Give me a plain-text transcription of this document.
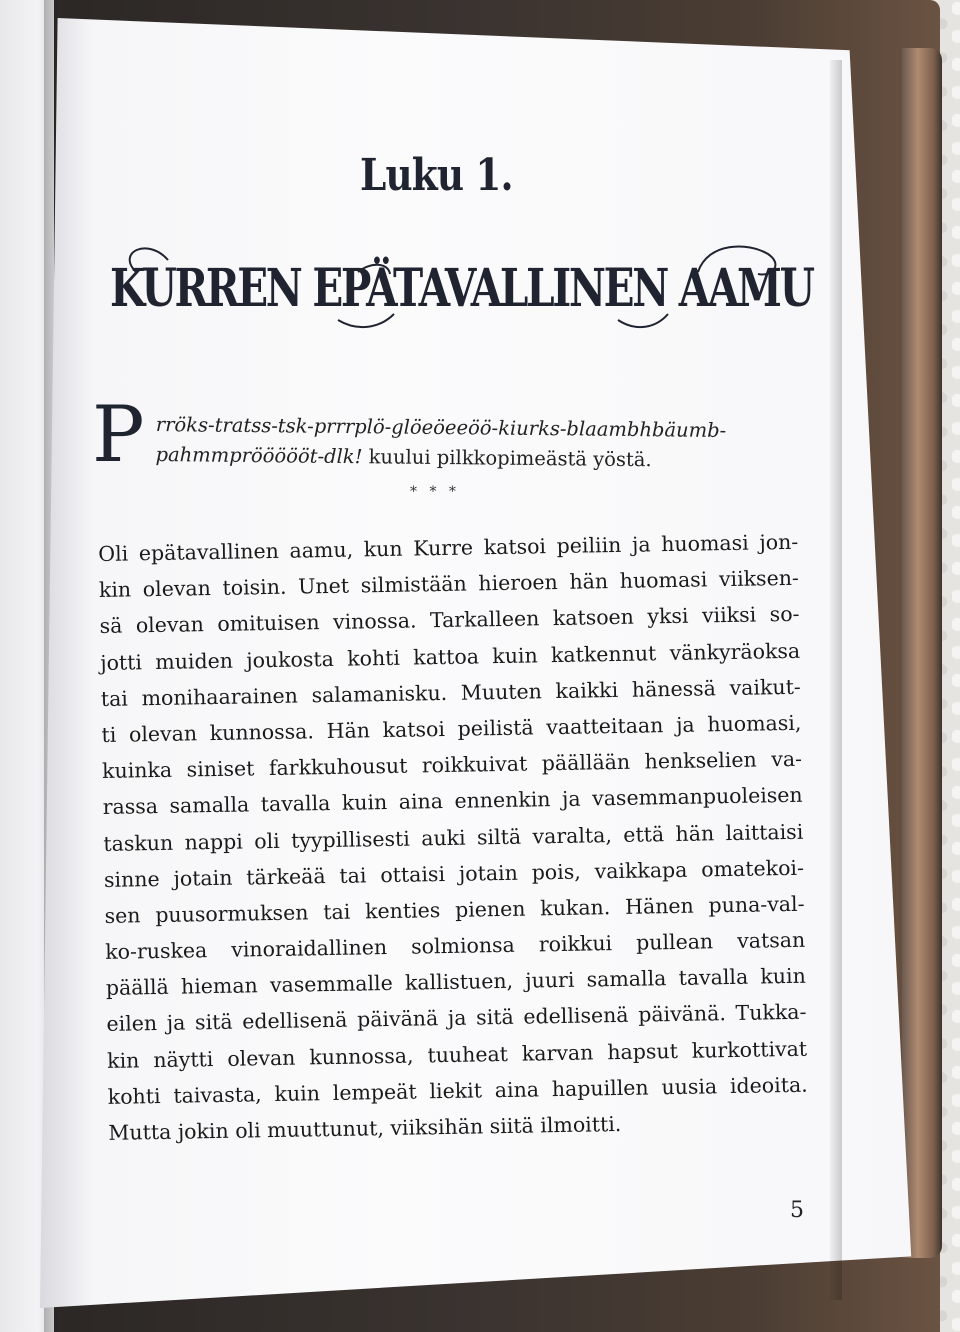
Luku 1.
KURREN EPÄTAVALLINEN AAMU
P rröks-tratss-tsk-prrrplö-glöeöeeöö-kiurks-blaambhbäumb-pahmmpröööööt-dlk! kuului pilkkopimeästä yöstä.

* * *
Oli epätavallinen aamu, kun Kurre katsoi peiliin ja huomasi jon-
kin olevan toisin. Unet silmistään hieroen hän huomasi viiksen-
sä olevan omituisen vinossa. Tarkalleen katsoen yksi viiksi so-
jotti muiden joukosta kohti kattoa kuin katkennut vänkyräoksa
tai monihaarainen salamanisku. Muuten kaikki hänessä vaikut-
ti olevan kunnossa. Hän katsoi peilistä vaatteitaan ja huomasi,
kuinka siniset farkkuhousut roikkuivat päällään henkselien va-
rassa samalla tavalla kuin aina ennenkin ja vasemmanpuoleisen
taskun nappi oli tyypillisesti auki siltä varalta, että hän laittaisi
sinne jotain tärkeää tai ottaisi jotain pois, vaikkapa omatekoi-
sen puusormuksen tai kenties pienen kukan. Hänen puna-val-
ko-ruskea vinoraidallinen solmionsa roikkui pullean vatsan
päällä hieman vasemmalle kallistuen, juuri samalla tavalla kuin
eilen ja sitä edellisenä päivänä ja sitä edellisenä päivänä. Tukka-
kin näytti olevan kunnossa, tuuheat karvan hapsut kurkottivat
kohti taivasta, kuin lempeät liekit aina hapuillen uusia ideoita.
Mutta jokin oli muuttunut, viiksihän siitä ilmoitti.
5
